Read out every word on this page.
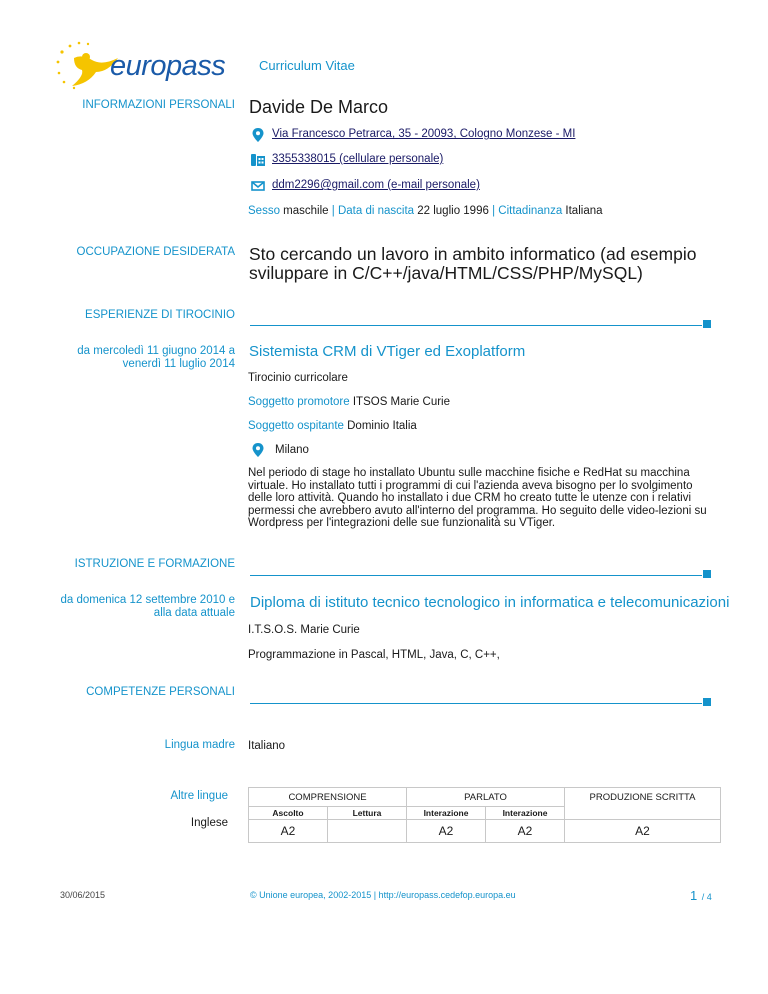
europass	Curriculum Vitae
INFORMAZIONI PERSONALI Davide De Marco
Via Francesco Petrarca, 35 - 20093, Cologno Monzese - MI
3355338015 (cellulare personale)
ddm2296@gmail.com (e-mail personale)
Sesso maschile | Data di nascita 22 luglio 1996 | Cittadinanza Italiana
OCCUPAZIONE DESIDERATA Sto cercando un lavoro in ambito informatico (ad esempio
sviluppare in C/C++/java/HTML/CSS/PHP/MySQL)
ESPERIENZE DI TIROCINIO
da mercoledì 11 giugno 2014 a
venerdì 11 luglio 2014
Sistemista CRM di VTiger ed Exoplatform
Tirocinio curricolare
Soggetto promotore ITSOS Marie Curie
Soggetto ospitante Dominio Italia
Milano
Nel periodo di stage ho installato Ubuntu sulle macchine fisiche e RedHat su macchina
virtuale. Ho installato tutti i programmi di cui l'azienda aveva bisogno per lo svolgimento
delle loro attività. Quando ho installato i due CRM ho creato tutte le utenze con i relativi
permessi che avrebbero avuto all'interno del programma. Ho seguito delle video-lezioni su
Wordpress per l'integrazioni delle sue funzionalità su VTiger.
ISTRUZIONE E FORMAZIONE
da domenica 12 settembre 2010 e
alla data attuale
Diploma di istituto tecnico tecnologico in informatica e telecomunicazioni
I.T.S.O.S. Marie Curie
Programmazione in Pascal, HTML, Java, C, C++,
COMPETENZE PERSONALI
Lingua madre Italiano
Altre lingue
Inglese
COMPRENSIONE		PARLATO		PRODUZIONE SCRITTA
Ascolto	Lettura	Interazione	Interazione	
A2		A2	A2	A2
30/06/2015	© Unione europea, 2002-2015 | http://europass.cedefop.europa.eu	1 / 4
